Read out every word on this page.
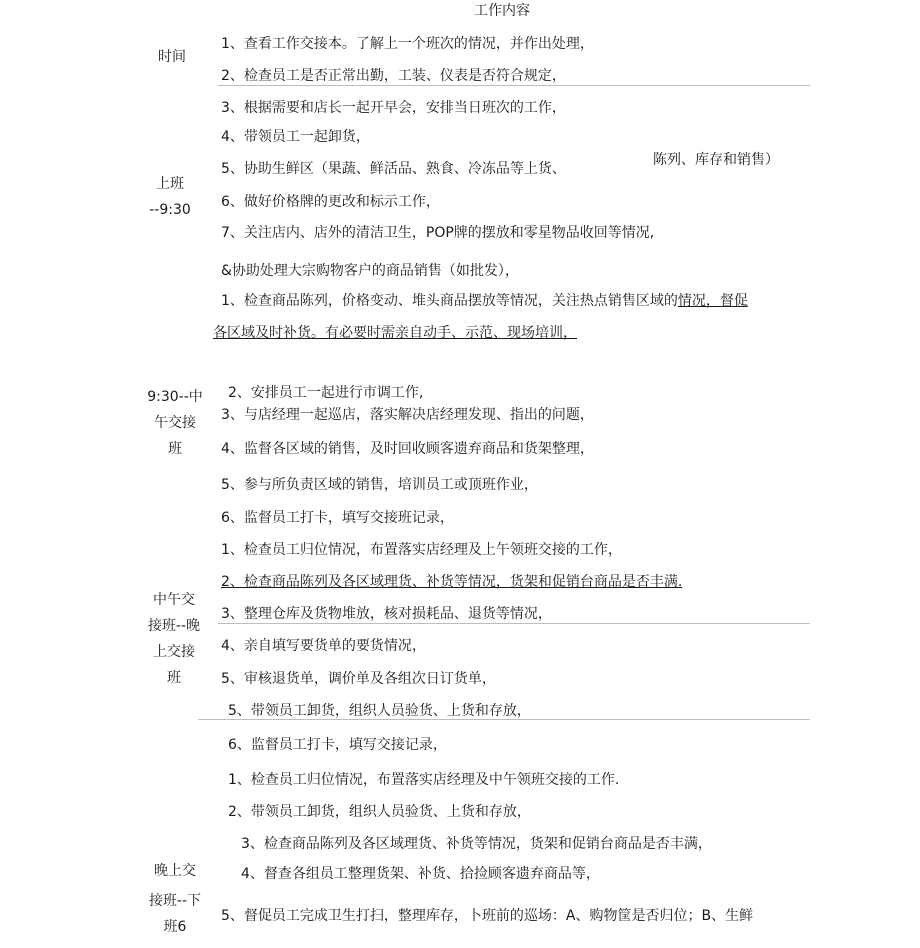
工作内容
时间
上班
--9:30
1、查看工作交接本。了解上一个班次的情况，并作出处理，
2、检查员工是否正常出勤，工装、仪表是否符合规定，
3、根据需要和店长一起开早会，安排当日班次的工作，
4、带领员工一起卸货，
5、协助生鲜区（果蔬、鲜活品、熟食、冷冻品等上货、
陈列、库存和销售）
6、做好价格牌的更改和标示工作，
7、关注店内、店外的清洁卫生，POP牌的摆放和零星物品收回等情况,
&协助处理大宗购物客户的商品销售（如批发），
9:30--中
午交接
班
1、检查商品陈列，价格变动、堆头商品摆放等情况，关注热点销售区域的情况，督促
各区域及时补货。有必要时需亲自动手、示范、现场培训，
2、安排员工一起进行市调工作,
3、与店经理一起巡店，落实解决店经理发现、指出的问题，
4、监督各区域的销售，及时回收顾客遗弃商品和货架整理，
5、参与所负责区域的销售，培训员工或顶班作业，
6、监督员工打卡，填写交接班记录，
中午交
接班--晚
上交接
班
1、检查员工归位情况，布置落实店经理及上午领班交接的工作，
2、检查商品陈列及各区域理货、补货等情况，货架和促销台商品是否丰满.
3、整理仓库及货物堆放，核对损耗品、退货等情况，
4、亲自填写要货单的要货情况，
5、审核退货单，调价单及各组次日订货单，
5、带领员工卸货，组织人员验货、上货和存放，
6、监督员工打卡，填写交接记录，
晚上交
接班--下
班6
1、检查员工归位情况，布置落实店经理及中午领班交接的工作.
2、带领员工卸货，组织人员验货、上货和存放，
3、检查商品陈列及各区域理货、补货等情况，货架和促销台商品是否丰满，
4、督查各组员工整理货架、补货、拾捡顾客遗弃商品等，
5、督促员工完成卫生打扫，整理库存，卜班前的巡场：A、购物筐是否归位；B、生鲜
